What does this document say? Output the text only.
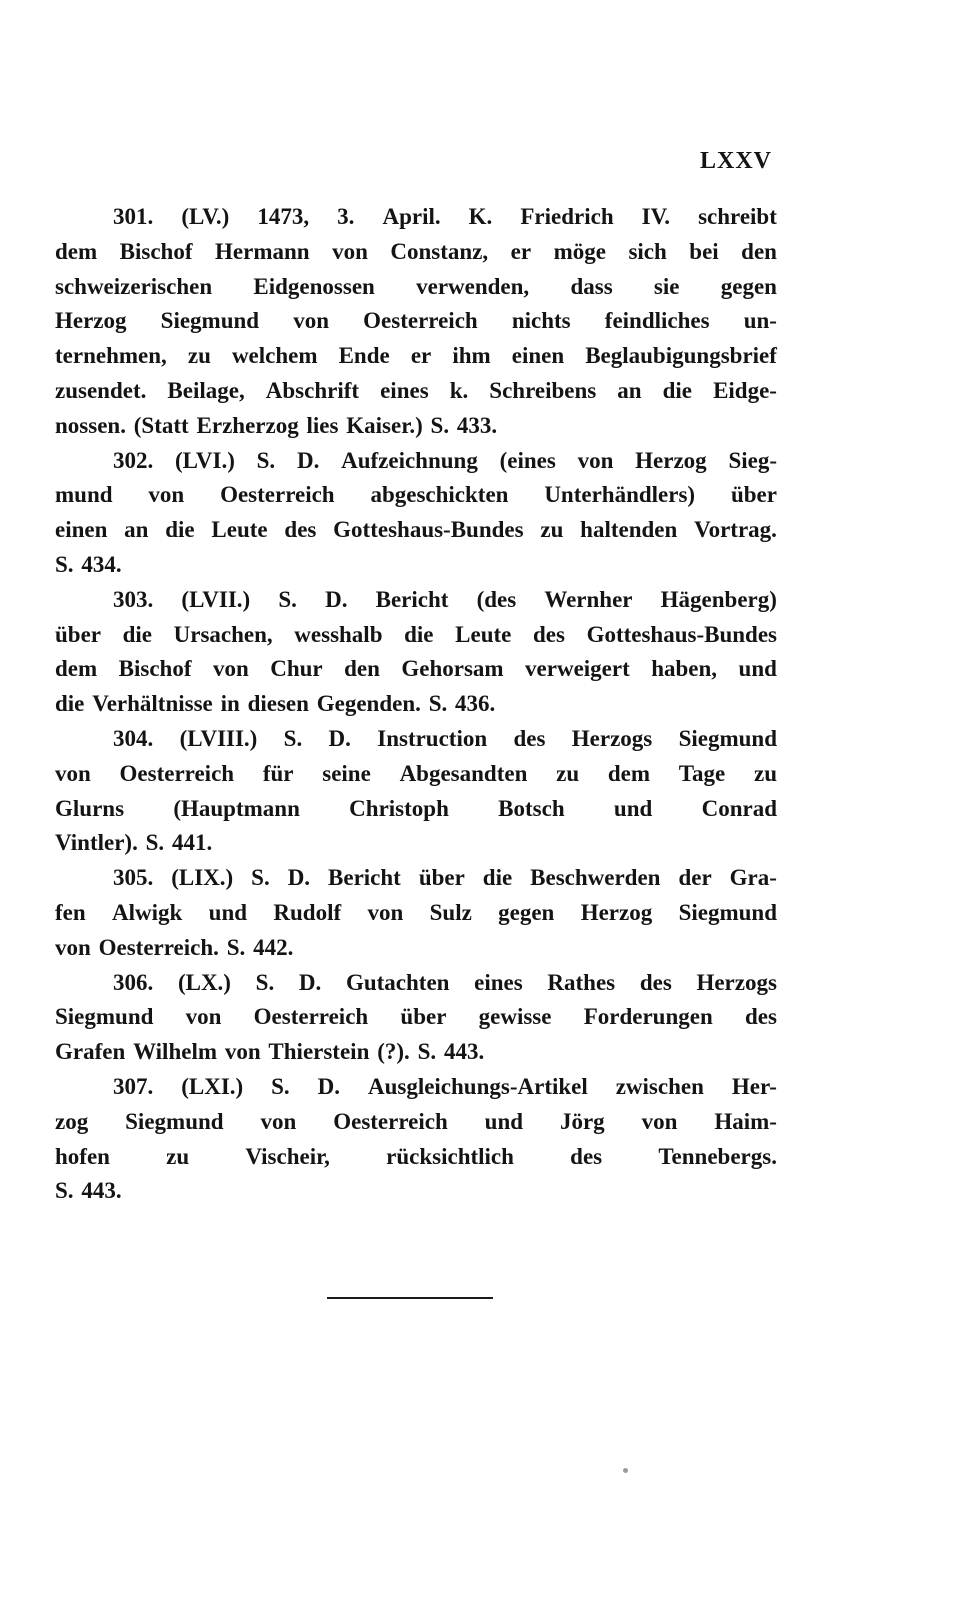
LXXV
301. (LV.) 1473, 3. April. K. Friedrich IV. schreibt
dem Bischof Hermann von Constanz, er möge sich bei den
schweizerischen Eidgenossen verwenden, dass sie gegen
Herzog Siegmund von Oesterreich nichts feindliches un-
ternehmen, zu welchem Ende er ihm einen Beglaubigungsbrief
zusendet. Beilage, Abschrift eines k. Schreibens an die Eidge-
nossen. (Statt Erzherzog lies Kaiser.) S. 433.
302. (LVI.) S. D. Aufzeichnung (eines von Herzog Sieg-
mund von Oesterreich abgeschickten Unterhändlers) über
einen an die Leute des Gotteshaus-Bundes zu haltenden Vortrag.
S. 434.
303. (LVII.) S. D. Bericht (des Wernher Hägenberg)
über die Ursachen, wesshalb die Leute des Gotteshaus-Bundes
dem Bischof von Chur den Gehorsam verweigert haben, und
die Verhältnisse in diesen Gegenden. S. 436.
304. (LVIII.) S. D. Instruction des Herzogs Siegmund
von Oesterreich für seine Abgesandten zu dem Tage zu
Glurns (Hauptmann Christoph Botsch und Conrad
Vintler). S. 441.
305. (LIX.) S. D. Bericht über die Beschwerden der Gra-
fen Alwigk und Rudolf von Sulz gegen Herzog Siegmund
von Oesterreich. S. 442.
306. (LX.) S. D. Gutachten eines Rathes des Herzogs
Siegmund von Oesterreich über gewisse Forderungen des
Grafen Wilhelm von Thierstein (?). S. 443.
307. (LXI.) S. D. Ausgleichungs-Artikel zwischen Her-
zog Siegmund von Oesterreich und Jörg von Haim-
hofen zu Vischeir, rücksichtlich des Tennebergs.
S. 443.
